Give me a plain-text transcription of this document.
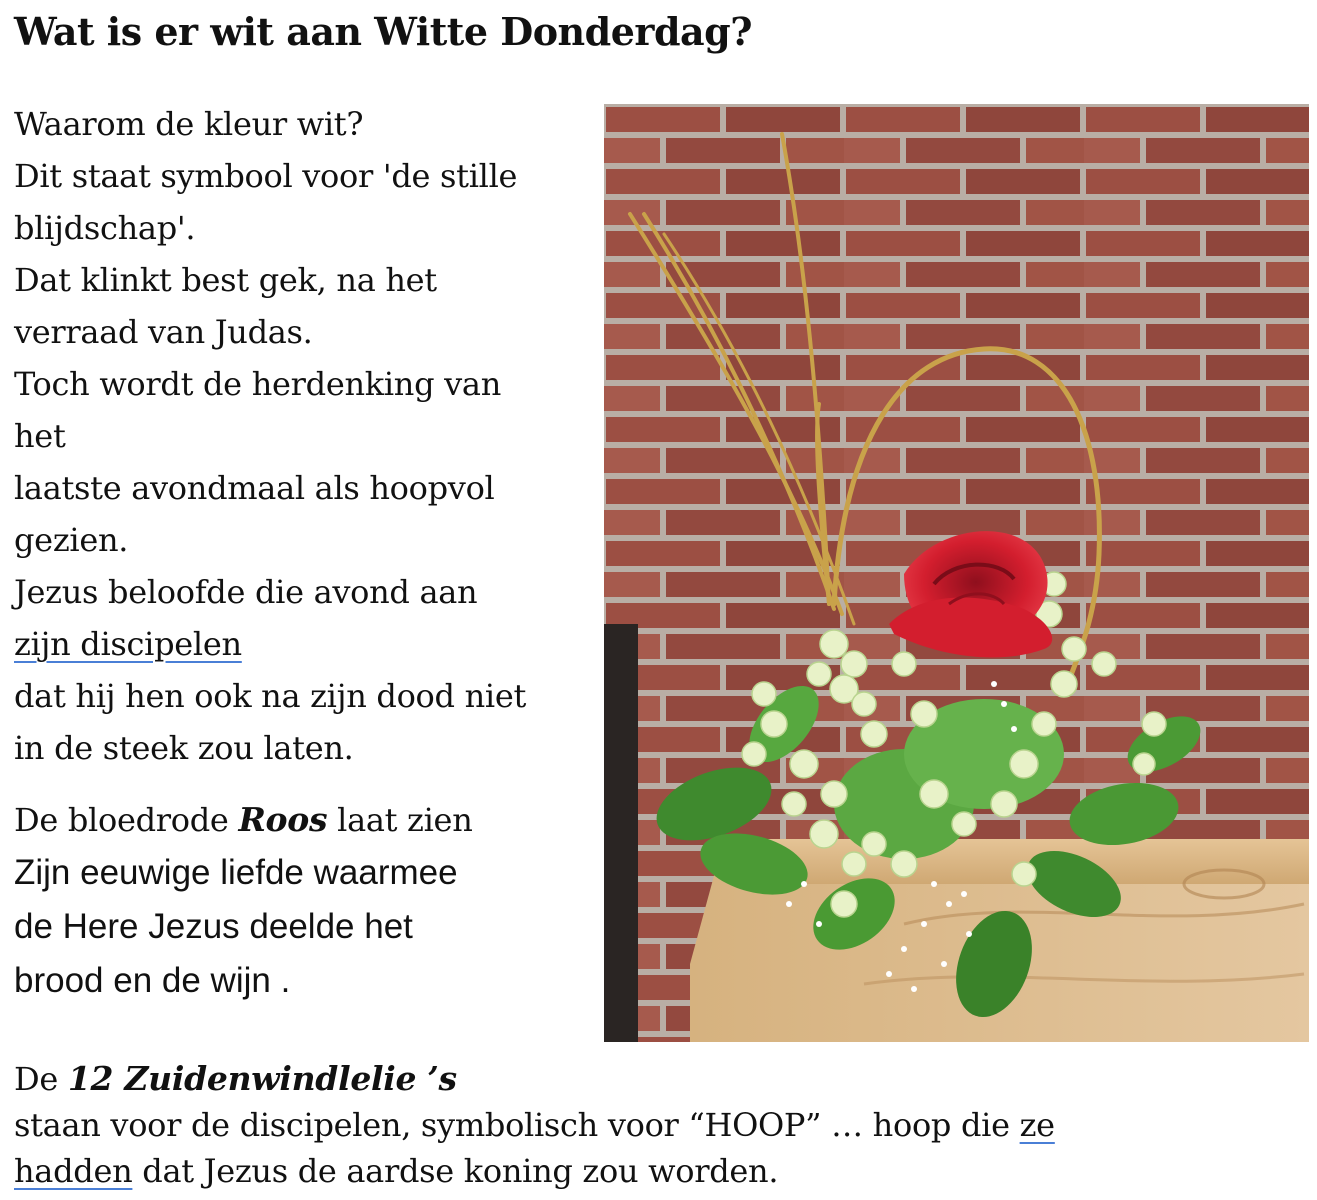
Wat is er wit aan Witte Donderdag?
Waarom de kleur wit?
Dit staat symbool voor 'de stille
blijdschap'.
Dat klinkt best gek, na het
verraad van Judas.
Toch wordt de herdenking van
het
laatste avondmaal als hoopvol
gezien.
Jezus beloofde die avond aan
zijn discipelen
dat hij hen ook na zijn dood niet
in de steek zou laten.
De bloedrode Roos laat zien
Zijn eeuwige liefde waarmee
de Here Jezus deelde het
brood en de wijn .
De 12 Zuidenwindlelie ’s
staan voor de discipelen, symbolisch voor “HOOP” … hoop die ze
hadden dat Jezus de aardse koning zou worden.
